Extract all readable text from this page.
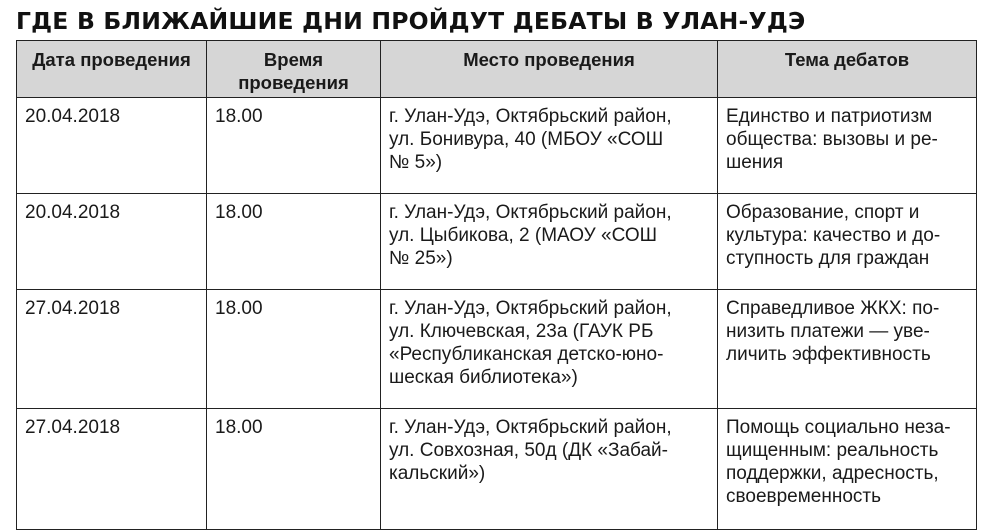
ГДЕ В БЛИЖАЙШИЕ ДНИ ПРОЙДУТ ДЕБАТЫ В УЛАН-УДЭ
Дата проведения	Время проведения	Место проведения	Тема дебатов
20.04.2018	18.00	г. Улан-Удэ, Октябрьский район,
ул. Бонивура, 40 (МБОУ «СОШ
№ 5»)	Единство и патриотизм
общества: вызовы и ре-
шения

20.04.2018	18.00	г. Улан-Удэ, Октябрьский район,
ул. Цыбикова, 2 (МАОУ «СОШ
№ 25»)	Образование, спорт и
культура: качество и до-
ступность для граждан

27.04.2018	18.00	г. Улан-Удэ, Октябрьский район,
ул. Ключевская, 23а (ГАУК РБ
«Республиканская детско-юно-
шеская библиотека»)	Справедливое ЖКХ: по-
низить платежи — уве-
личить эффективность

27.04.2018	18.00	г. Улан-Удэ, Октябрьский район,
ул. Совхозная, 50д (ДК «Забай-
кальский»)	Помощь социально незa-
щищенным: реальность
поддержки, адресность,
своевременность
